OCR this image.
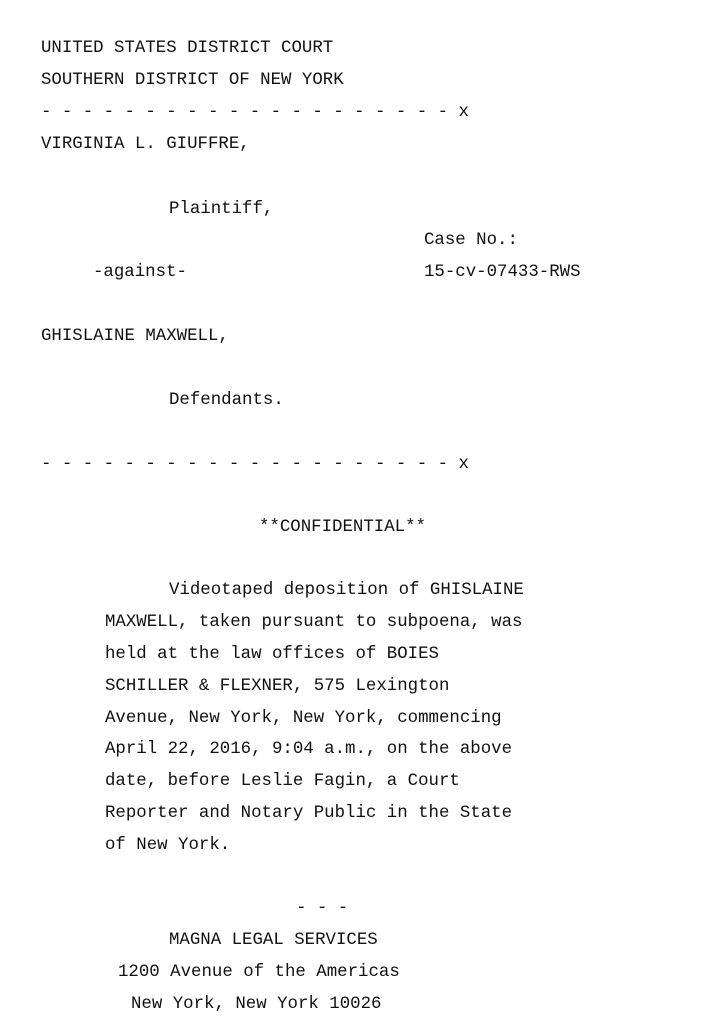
UNITED STATES DISTRICT COURT

SOUTHERN DISTRICT OF NEW YORK

- - - - - - - - - - - - - - - - - - - - x

VIRGINIA L. GIUFFRE,

Plaintiff,

Case No.:

-against-	15-cv-07433-RWS

GHISLAINE MAXWELL,

Defendants.

- - - - - - - - - - - - - - - - - - - - x

**CONFIDENTIAL**

Videotaped deposition of GHISLAINE

MAXWELL, taken pursuant to subpoena, was

held at the law offices of BOIES

SCHILLER & FLEXNER, 575 Lexington

Avenue, New York, New York, commencing

April 22, 2016, 9:04 a.m., on the above

date, before Leslie Fagin, a Court

Reporter and Notary Public in the State

of New York.

- - -

MAGNA LEGAL SERVICES

1200 Avenue of the Americas

New York, New York 10026
